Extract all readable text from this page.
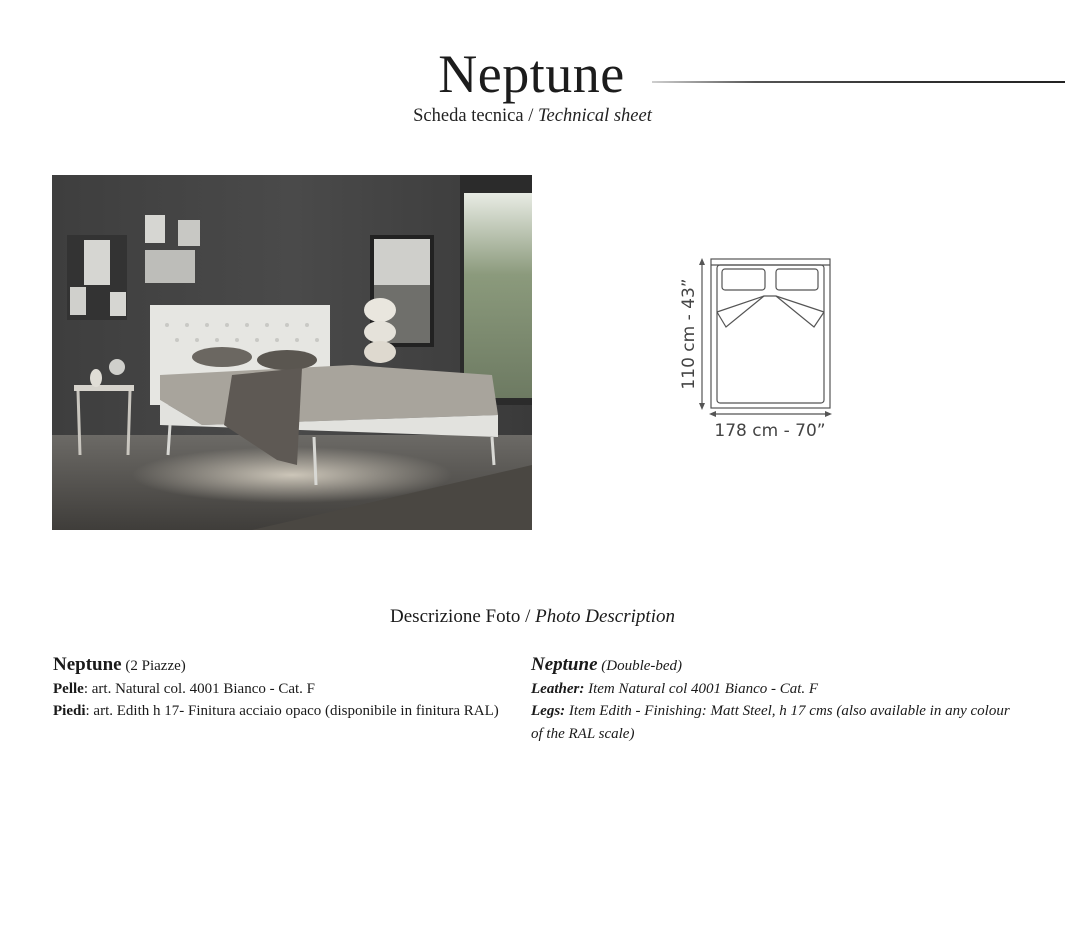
Neptune
Scheda tecnica / Technical sheet
110 cm - 43”
178 cm - 70”
Descrizione Foto / Photo Description
Neptune (2 Piazze)
Pelle: art. Natural col. 4001 Bianco - Cat. F
Piedi: art. Edith h 17- Finitura acciaio opaco (disponibile in finitura RAL)
Neptune (Double-bed)
Leather: Item Natural col 4001 Bianco - Cat. F
Legs: Item Edith - Finishing: Matt Steel, h 17 cms (also available in any colour of the RAL scale)
